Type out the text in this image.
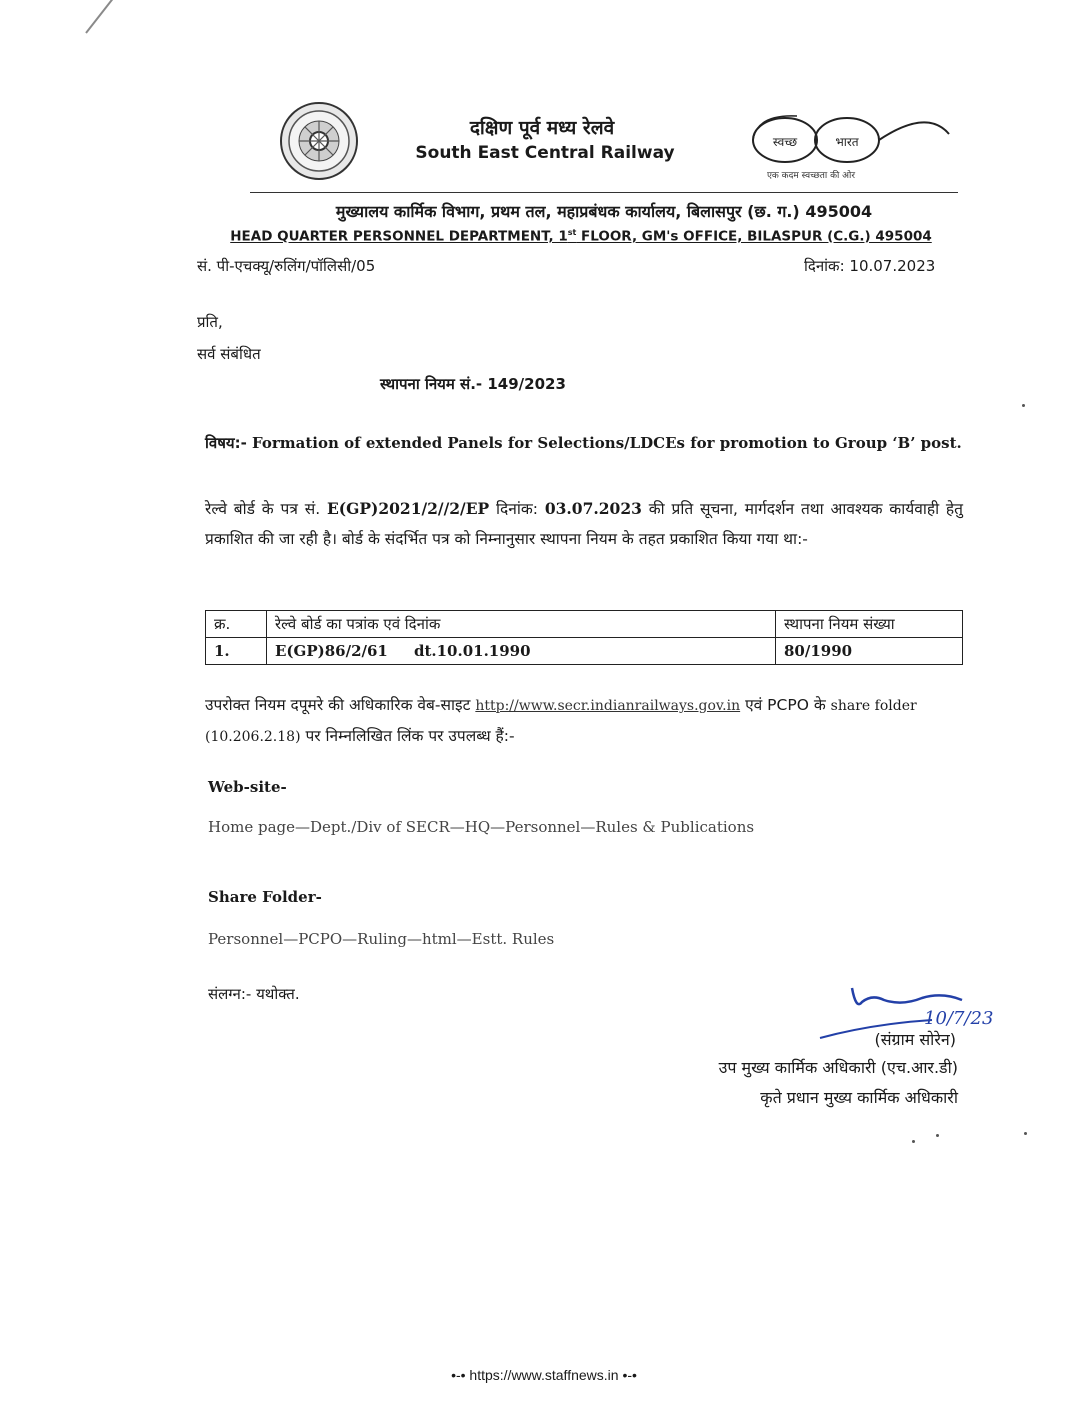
दक्षिण पूर्व मध्य रेलवे
South East Central Railway
स्वच्छ	भारत
एक कदम स्वच्छता की ओर
मुख्यालय कार्मिक विभाग, प्रथम तल, महाप्रबंधक कार्यालय, बिलासपुर (छ. ग.) 495004
HEAD QUARTER PERSONNEL DEPARTMENT, 1st FLOOR, GM's OFFICE, BILASPUR (C.G.) 495004
सं. पी-एचक्यू/रुलिंग/पॉलिसी/05	दिनांक: 10.07.2023
प्रति,
सर्व संबंधित
स्थापना नियम सं.- 149/2023
विषय:- Formation of extended Panels for Selections/LDCEs for promotion to Group ‘B’ post.
रेल्वे बोर्ड के पत्र सं. E(GP)2021/2//2/EP दिनांक: 03.07.2023 की प्रति सूचना, मार्गदर्शन तथा आवश्यक कार्यवाही हेतु प्रकाशित की जा रही है। बोर्ड के संदर्भित पत्र को निम्नानुसार स्थापना नियम के तहत प्रकाशित किया गया था:-
क्र.	रेल्वे बोर्ड का पत्रांक एवं दिनांक	स्थापना नियम संख्या
1.	E(GP)86/2/61     dt.10.01.1990	80/1990
उपरोक्त नियम दपूमरे की अधिकारिक वेब-साइट http://www.secr.indianrailways.gov.in एवं PCPO के share folder (10.206.2.18) पर निम्नलिखित लिंक पर उपलब्ध हैं:-
Web-site-
Home page—Dept./Div of SECR—HQ—Personnel—Rules & Publications
Share Folder-
Personnel—PCPO—Ruling—html—Estt. Rules
संलग्न:- यथोक्त.
10/7/23
(संग्राम सोरेन)
उप मुख्य कार्मिक अधिकारी (एच.आर.डी)
कृते प्रधान मुख्य कार्मिक अधिकारी
•-• https://www.staffnews.in •-•
